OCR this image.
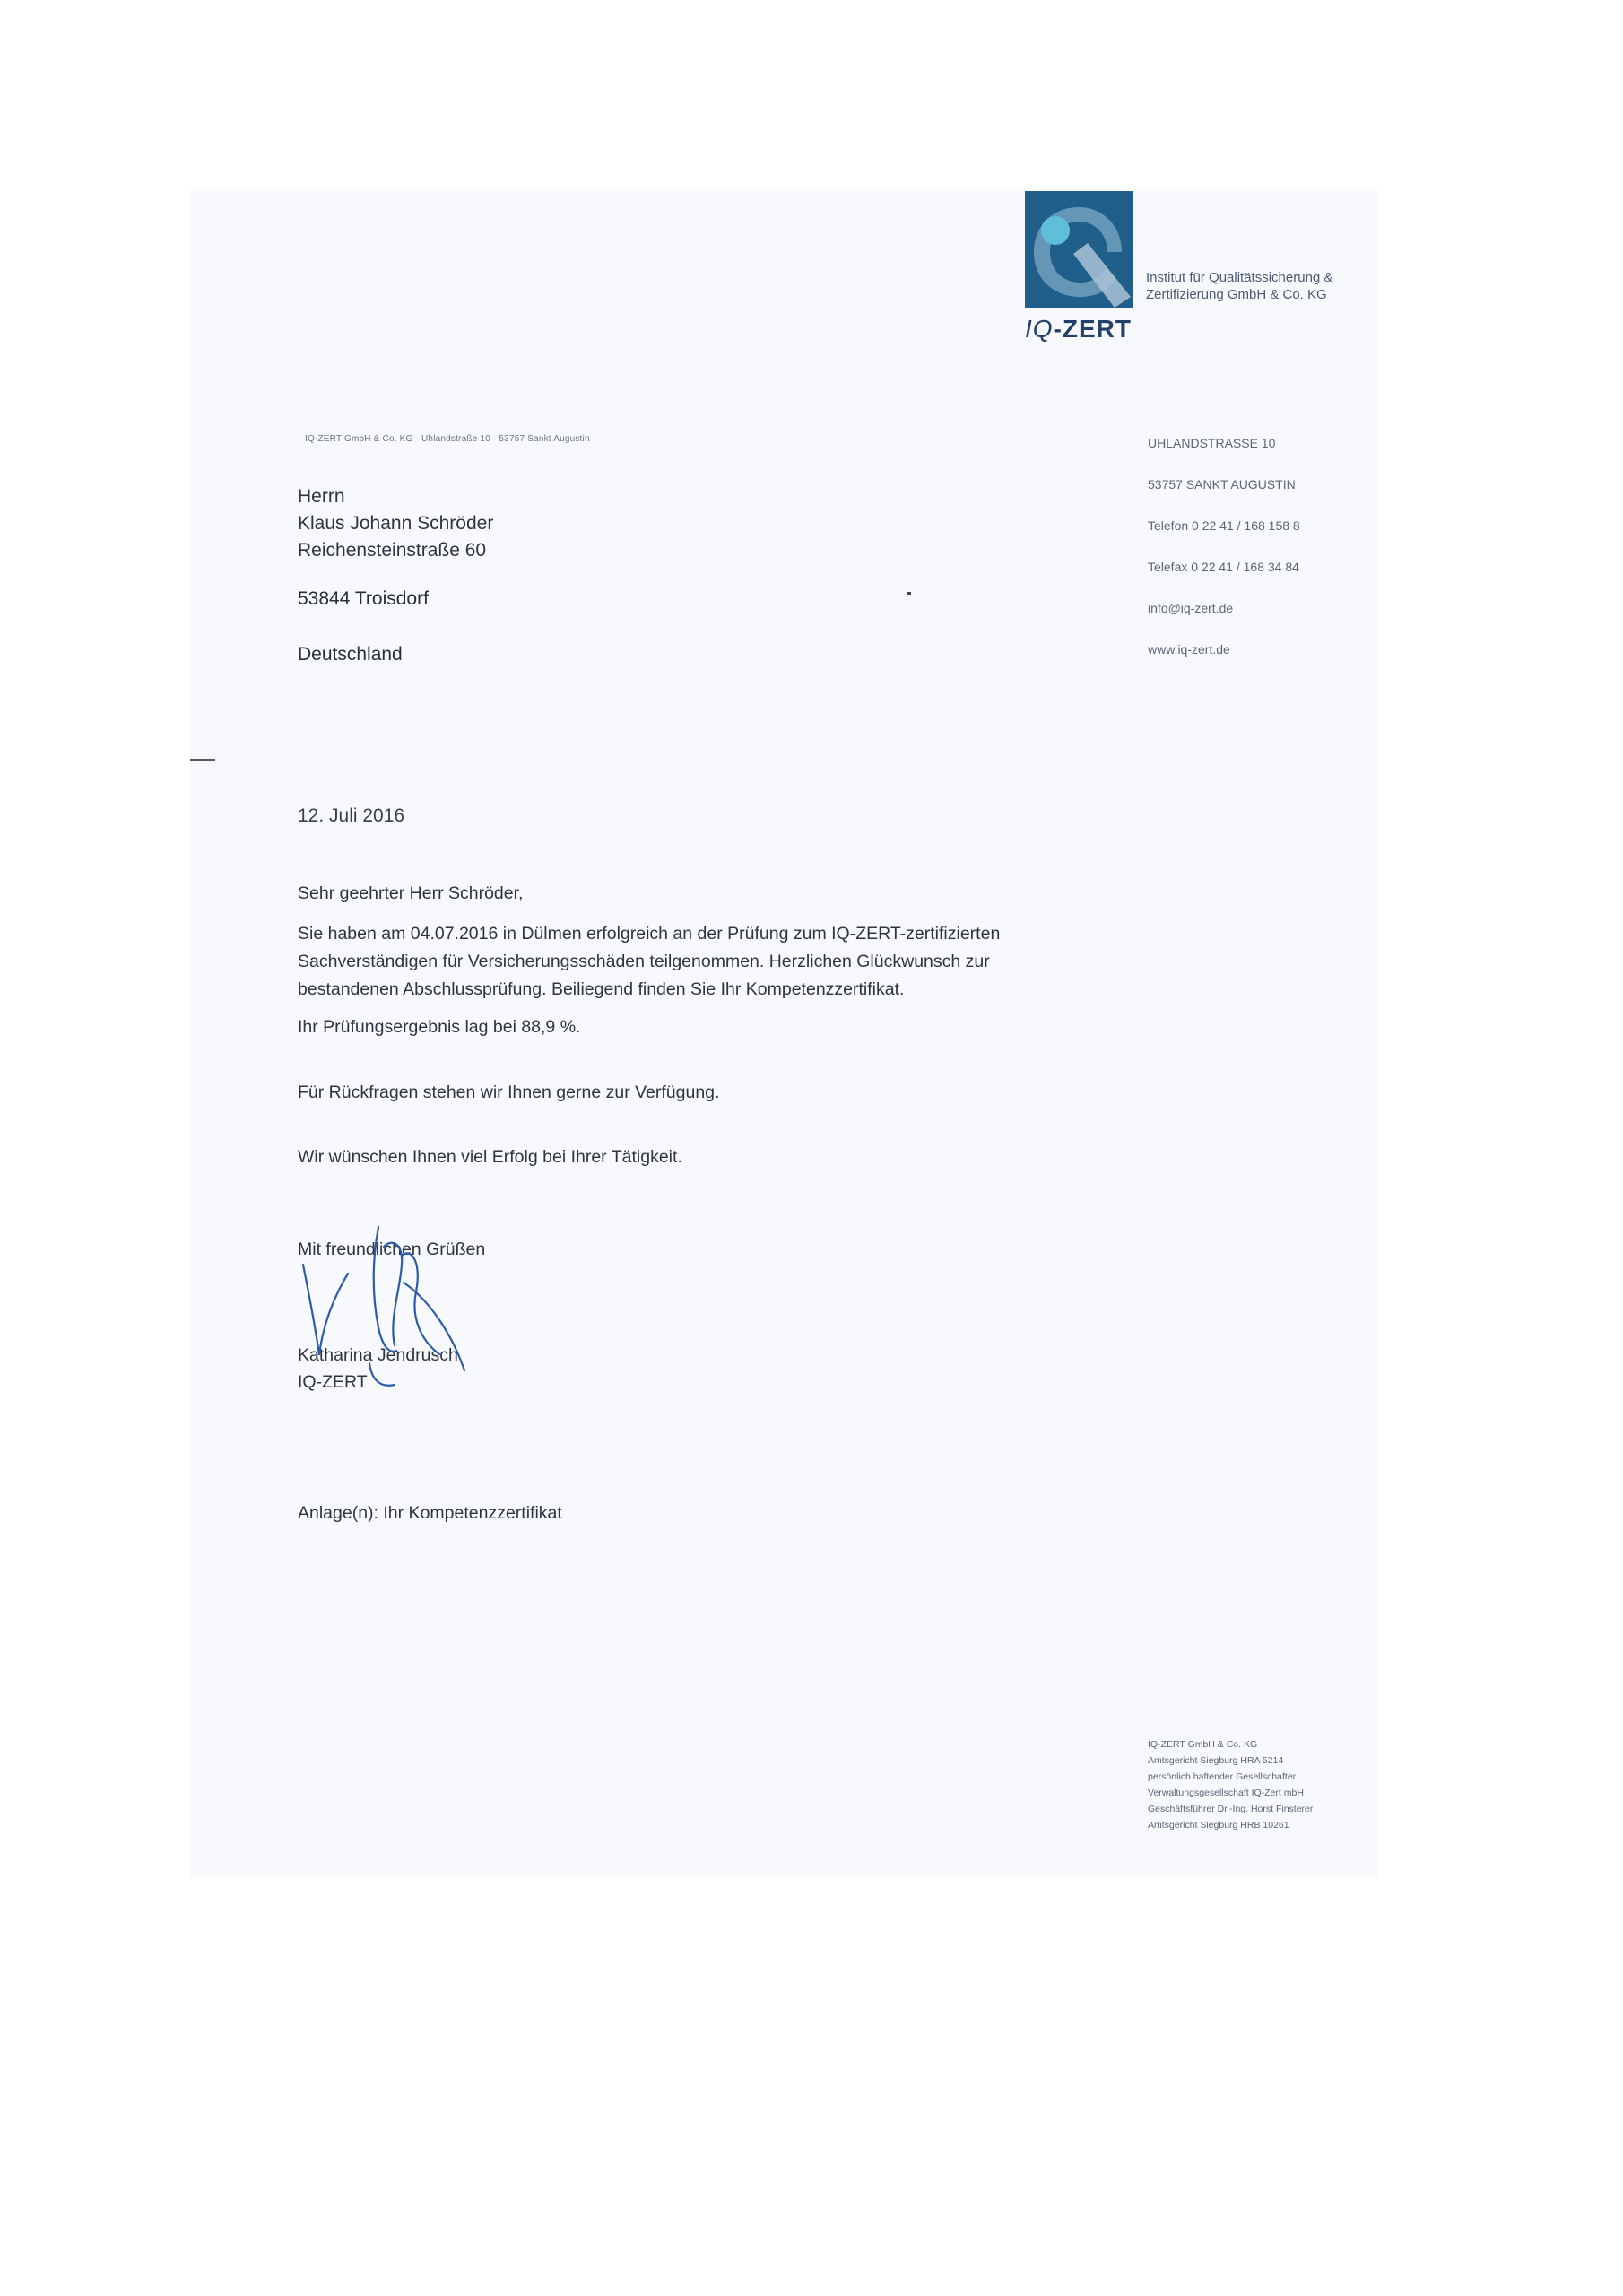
IQ-ZERT
Institut für Qualitätssicherung &
Zertifizierung GmbH & Co. KG
IQ-ZERT GmbH & Co. KG · Uhlandstraße 10 · 53757 Sankt Augustin	UHLANDSTRASSE 10
53757 SANKT AUGUSTIN
Telefon 0 22 41 / 168 158 8
Telefax 0 22 41 / 168 34 84
info@iq-zert.de
www.iq-zert.de
Herrn
Klaus Johann Schröder
Reichensteinstraße 60
53844 Troisdorf
Deutschland
12. Juli 2016
Sehr geehrter Herr Schröder,
Sie haben am 04.07.2016 in Dülmen erfolgreich an der Prüfung zum IQ-ZERT-zertifizierten
Sachverständigen für Versicherungsschäden teilgenommen. Herzlichen Glückwunsch zur
bestandenen Abschlussprüfung. Beiliegend finden Sie Ihr Kompetenzzertifikat.
Ihr Prüfungsergebnis lag bei 88,9 %.
Für Rückfragen stehen wir Ihnen gerne zur Verfügung.
Wir wünschen Ihnen viel Erfolg bei Ihrer Tätigkeit.
Mit freundlichen Grüßen
Katharina Jendrusch
IQ-ZERT
Anlage(n): Ihr Kompetenzzertifikat
IQ-ZERT GmbH & Co. KG
Amtsgericht Siegburg HRA 5214
persönlich haftender Gesellschafter
Verwaltungsgesellschaft IQ-Zert mbH
Geschäftsführer Dr.-Ing. Horst Finsterer
Amtsgericht Siegburg HRB 10261
